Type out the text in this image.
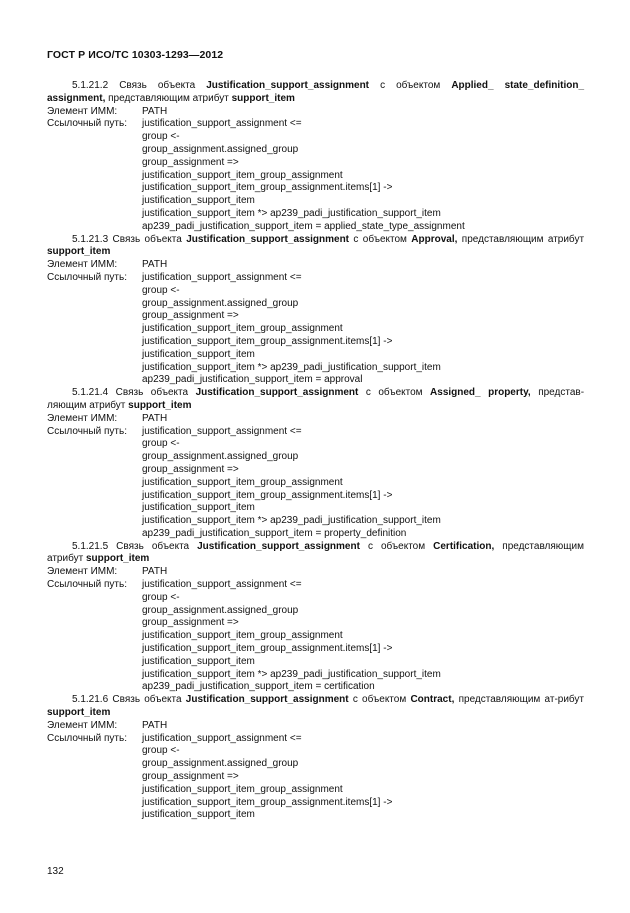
ГОСТ Р ИСО/ТС 10303-1293—2012

5.1.21.2 Связь объекта Justification_support_assignment с объектом Applied_ state_definition_ assignment, представляющим атрибут support_item

Элемент ИММ:	PATH
Ссылочный путь:	justification_support_assignment <=
group <-
group_assignment.assigned_group
group_assignment =>
justification_support_item_group_assignment
justification_support_item_group_assignment.items[1] ->
justification_support_item
justification_support_item *> ap239_padi_justification_support_item
ap239_padi_justification_support_item = applied_state_type_assignment

5.1.21.3 Связь объекта Justification_support_assignment с объектом Approval, представляющим атрибут support_item

Элемент ИММ:	PATH
Ссылочный путь:	justification_support_assignment <=
group <-
group_assignment.assigned_group
group_assignment =>
justification_support_item_group_assignment
justification_support_item_group_assignment.items[1] ->
justification_support_item
justification_support_item *> ap239_padi_justification_support_item
ap239_padi_justification_support_item = approval

5.1.21.4 Связь объекта Justification_support_assignment с объектом Assigned_ property, представ-ляющим атрибут support_item

Элемент ИММ:	PATH
Ссылочный путь:	justification_support_assignment <=
group <-
group_assignment.assigned_group
group_assignment =>
justification_support_item_group_assignment
justification_support_item_group_assignment.items[1] ->
justification_support_item
justification_support_item *> ap239_padi_justification_support_item
ap239_padi_justification_support_item = property_definition

5.1.21.5 Связь объекта Justification_support_assignment с объектом Certification, представляющим атрибут support_item

Элемент ИММ:	PATH
Ссылочный путь:	justification_support_assignment <=
group <-
group_assignment.assigned_group
group_assignment =>
justification_support_item_group_assignment
justification_support_item_group_assignment.items[1] ->
justification_support_item
justification_support_item *> ap239_padi_justification_support_item
ap239_padi_justification_support_item = certification

5.1.21.6 Связь объекта Justification_support_assignment с объектом Contract, представляющим ат-рибут support_item

Элемент ИММ:	PATH
Ссылочный путь:	justification_support_assignment <=
group <-
group_assignment.assigned_group
group_assignment =>
justification_support_item_group_assignment
justification_support_item_group_assignment.items[1] ->
justification_support_item
132
